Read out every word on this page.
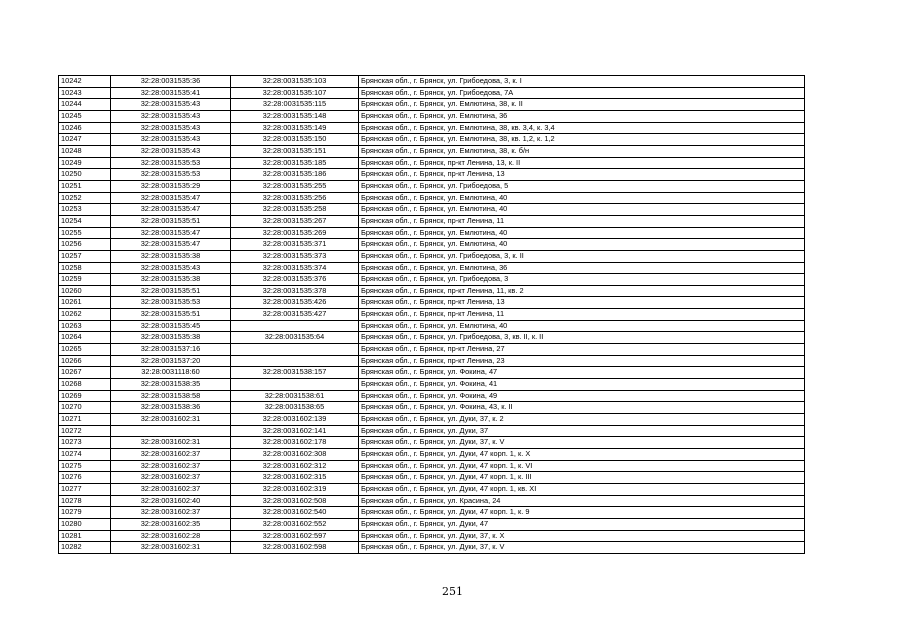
10242	32:28:0031535:36	32:28:0031535:103	Брянская обл., г. Брянск, ул. Грибоедова, 3, к. I
10243	32:28:0031535:41	32:28:0031535:107	Брянская обл., г. Брянск, ул. Грибоедова, 7А
10244	32:28:0031535:43	32:28:0031535:115	Брянская обл., г. Брянск, ул. Емлютина, 38, к. II
10245	32:28:0031535:43	32:28:0031535:148	Брянская обл., г. Брянск, ул. Емлютина, 36
10246	32:28:0031535:43	32:28:0031535:149	Брянская обл., г. Брянск, ул. Емлютина, 38, кв. 3,4, к. 3,4
10247	32:28:0031535:43	32:28:0031535:150	Брянская обл., г. Брянск, ул. Емлютина, 38, кв. 1,2, к. 1,2
10248	32:28:0031535:43	32:28:0031535:151	Брянская обл., г. Брянск, ул. Емлютина, 38, к. б/н
10249	32:28:0031535:53	32:28:0031535:185	Брянская обл., г. Брянск, пр-кт Ленина, 13, к. II
10250	32:28:0031535:53	32:28:0031535:186	Брянская обл., г. Брянск, пр-кт Ленина, 13
10251	32:28:0031535:29	32:28:0031535:255	Брянская обл., г. Брянск, ул. Грибоедова, 5
10252	32:28:0031535:47	32:28:0031535:256	Брянская обл., г. Брянск, ул. Емлютина, 40
10253	32:28:0031535:47	32:28:0031535:258	Брянская обл., г. Брянск, ул. Емлютина, 40
10254	32:28:0031535:51	32:28:0031535:267	Брянская обл., г. Брянск, пр-кт Ленина, 11
10255	32:28:0031535:47	32:28:0031535:269	Брянская обл., г. Брянск, ул. Емлютина, 40
10256	32:28:0031535:47	32:28:0031535:371	Брянская обл., г. Брянск, ул. Емлютина, 40
10257	32:28:0031535:38	32:28:0031535:373	Брянская обл., г. Брянск, ул. Грибоедова, 3, к. II
10258	32:28:0031535:43	32:28:0031535:374	Брянская обл., г. Брянск, ул. Емлютина, 36
10259	32:28:0031535:38	32:28:0031535:376	Брянская обл., г. Брянск, ул. Грибоедова, 3
10260	32:28:0031535:51	32:28:0031535:378	Брянская обл., г. Брянск, пр-кт Ленина, 11, кв. 2
10261	32:28:0031535:53	32:28:0031535:426	Брянская обл., г. Брянск, пр-кт Ленина, 13
10262	32:28:0031535:51	32:28:0031535:427	Брянская обл., г. Брянск, пр-кт Ленина, 11
10263	32:28:0031535:45		Брянская обл., г. Брянск, ул. Емлютина, 40
10264	32:28:0031535:38	32:28:0031535:64	Брянская обл., г. Брянск, ул. Грибоедова, 3, кв. II, к. II
10265	32:28:0031537:16		Брянская обл., г. Брянск, пр-кт Ленина, 27
10266	32:28:0031537:20		Брянская обл., г. Брянск, пр-кт Ленина, 23
10267	32:28:0031118:60	32:28:0031538:157	Брянская обл., г. Брянск, ул. Фокина, 47
10268	32:28:0031538:35		Брянская обл., г. Брянск, ул. Фокина, 41
10269	32:28:0031538:58	32:28:0031538:61	Брянская обл., г. Брянск, ул. Фокина, 49
10270	32:28:0031538:36	32:28:0031538:65	Брянская обл., г. Брянск, ул. Фокина, 43, к. II
10271	32:28:0031602:31	32:28:0031602:139	Брянская обл., г. Брянск, ул. Дуки, 37, к. 2
10272		32:28:0031602:141	Брянская обл., г. Брянск, ул. Дуки, 37
10273	32:28:0031602:31	32:28:0031602:178	Брянская обл., г. Брянск, ул. Дуки, 37, к. V
10274	32:28:0031602:37	32:28:0031602:308	Брянская обл., г. Брянск, ул. Дуки, 47 корп. 1, к. X
10275	32:28:0031602:37	32:28:0031602:312	Брянская обл., г. Брянск, ул. Дуки, 47 корп. 1, к. VI
10276	32:28:0031602:37	32:28:0031602:315	Брянская обл., г. Брянск, ул. Дуки, 47 корп. 1, к. III
10277	32:28:0031602:37	32:28:0031602:319	Брянская обл., г. Брянск, ул. Дуки, 47 корп. 1, кв. XI
10278	32:28:0031602:40	32:28:0031602:508	Брянская обл., г. Брянск, ул. Красина, 24
10279	32:28:0031602:37	32:28:0031602:540	Брянская обл., г. Брянск, ул. Дуки, 47 корп. 1, к. 9
10280	32:28:0031602:35	32:28:0031602:552	Брянская обл., г. Брянск, ул. Дуки, 47
10281	32:28:0031602:28	32:28:0031602:597	Брянская обл., г. Брянск, ул. Дуки, 37, к. X
10282	32:28:0031602:31	32:28:0031602:598	Брянская обл., г. Брянск, ул. Дуки, 37, к. V
251
